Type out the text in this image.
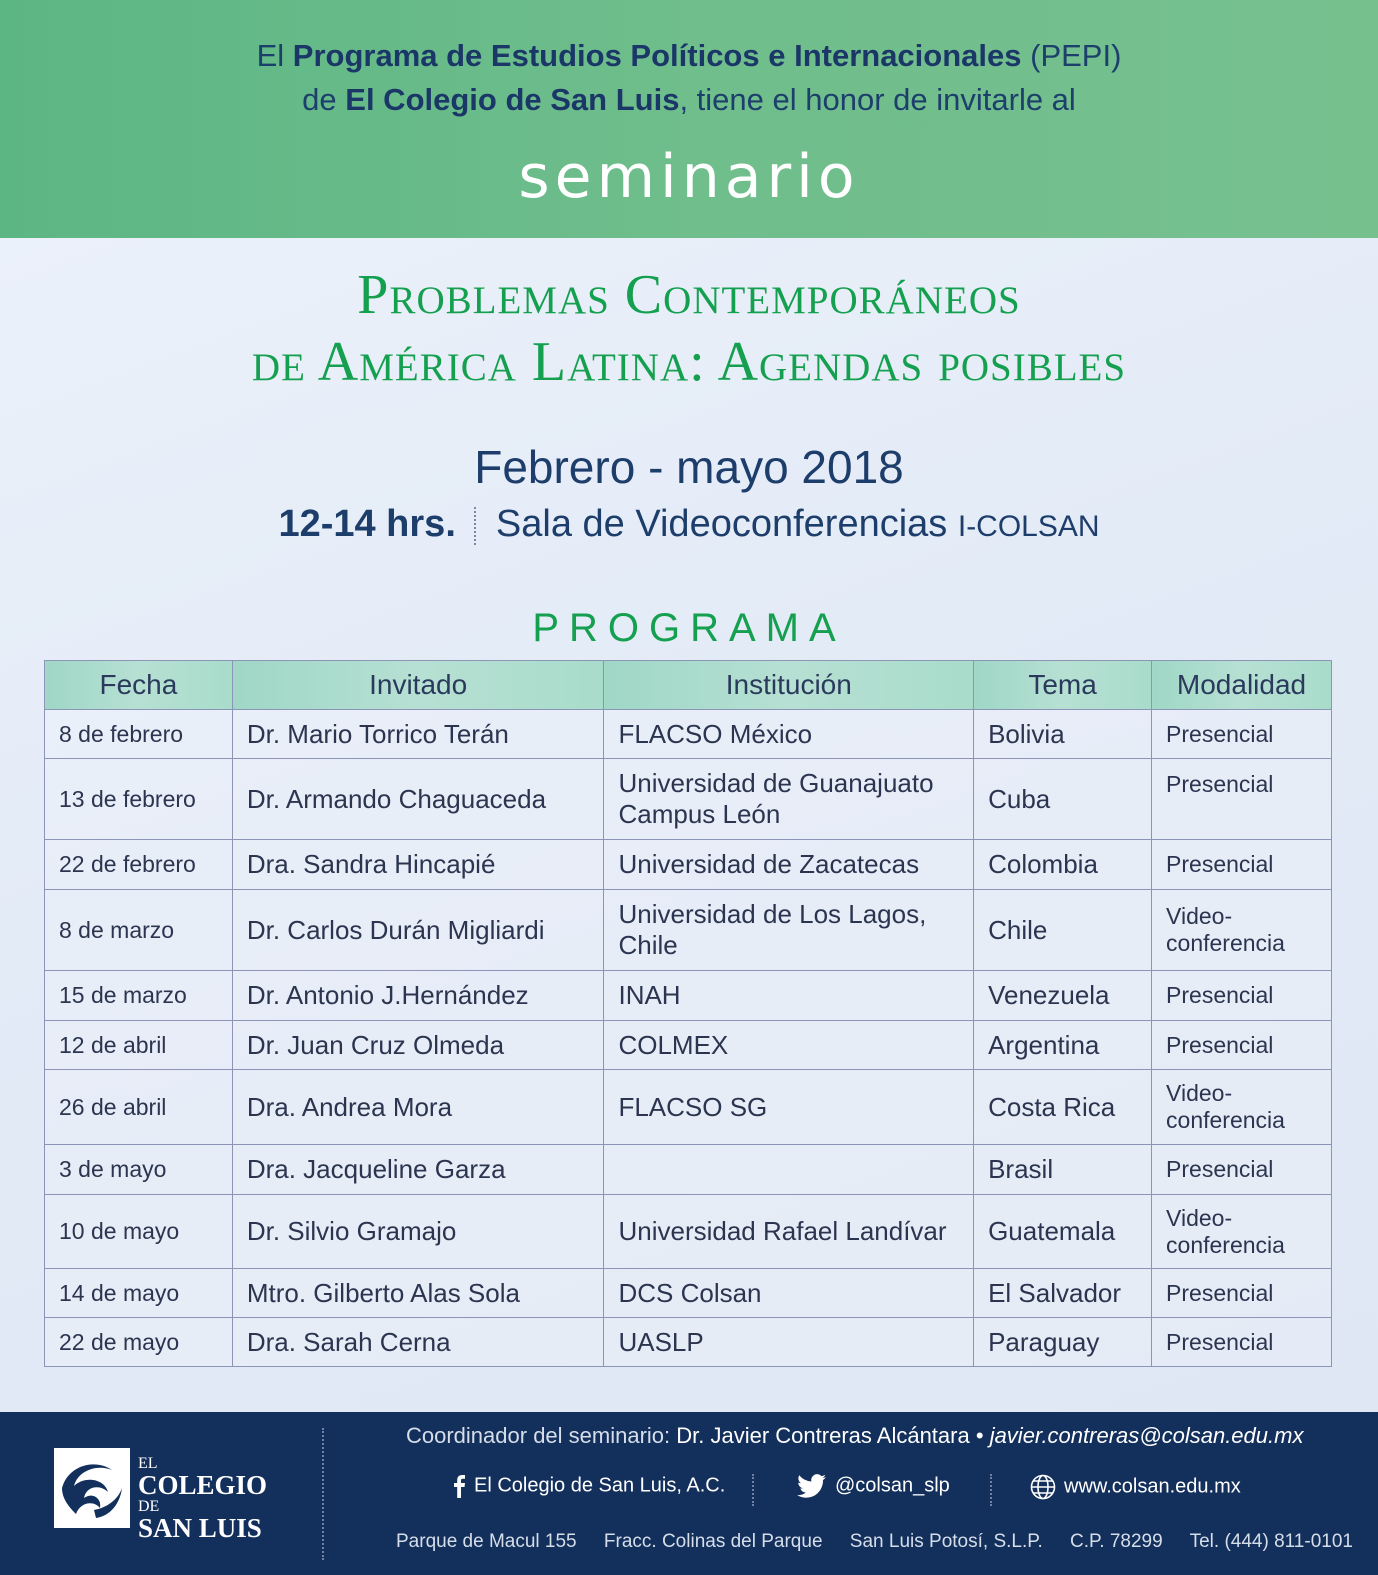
El Programa de Estudios Políticos e Internacionales (PEPI)
de El Colegio de San Luis, tiene el honor de invitarle al
seminario
Problemas Contemporáneos
de América Latina: Agendas posibles
Febrero - mayo 2018
12-14 hrs. Sala de Videoconferencias I-COLSAN
PROGRAMA
Fecha	Invitado	Institución	Tema	Modalidad
8 de febrero	Dr. Mario Torrico Terán	FLACSO México	Bolivia	Presencial
13 de febrero	Dr. Armando Chaguaceda	Universidad de Guanajuato Campus León	Cuba	Presencial
22 de febrero	Dra. Sandra Hincapié	Universidad de Zacatecas	Colombia	Presencial
8 de marzo	Dr. Carlos Durán Migliardi	Universidad de Los Lagos, Chile	Chile	Video-conferencia
15 de marzo	Dr. Antonio J.Hernández	INAH	Venezuela	Presencial
12 de abril	Dr. Juan Cruz Olmeda	COLMEX	Argentina	Presencial
26 de abril	Dra. Andrea Mora	FLACSO SG	Costa Rica	Video-conferencia
3 de mayo	Dra. Jacqueline Garza		Brasil	Presencial
10 de mayo	Dr. Silvio Gramajo	Universidad Rafael Landívar	Guatemala	Video-conferencia
14 de mayo	Mtro. Gilberto Alas Sola	DCS Colsan	El Salvador	Presencial
22 de mayo	Dra. Sarah Cerna	UASLP	Paraguay	Presencial
EL
COLEGIO
DE
SAN LUIS
Coordinador del seminario: Dr. Javier Contreras Alcántara • javier.contreras@colsan.edu.mx
El Colegio de San Luis, A.C.	@colsan_slp	www.colsan.edu.mx
Parque de Macul 155 Fracc. Colinas del Parque San Luis Potosí, S.L.P. C.P. 78299 Tel. (444) 811-0101
